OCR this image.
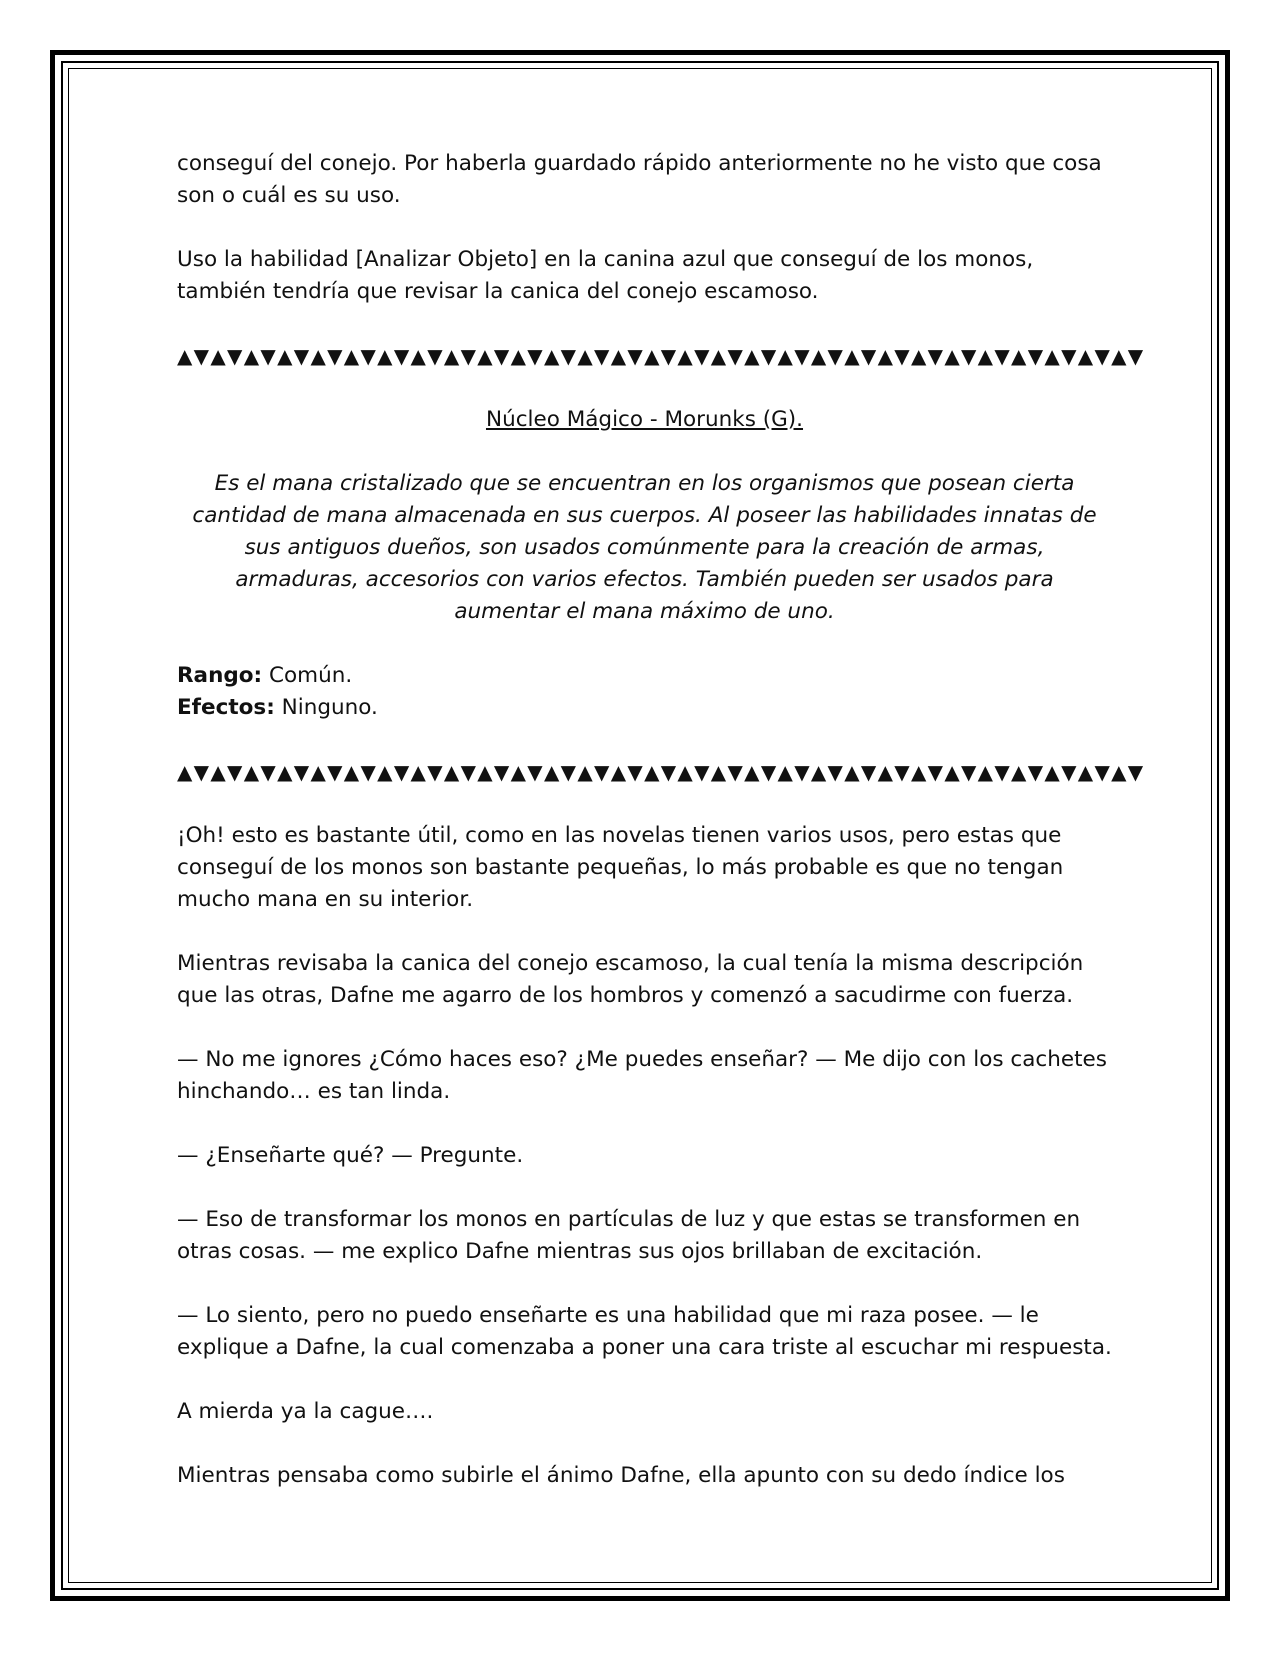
conseguí del conejo. Por haberla guardado rápido anteriormente no he visto que cosa son o cuál es su uso.

Uso la habilidad [Analizar Objeto] en la canina azul que conseguí de los monos, también tendría que revisar la canica del conejo escamoso.

▲▼▲▼▲▼▲▼▲▼▲▼▲▼▲▼▲▼▲▼▲▼▲▼▲▼▲▼▲▼▲▼▲▼▲▼▲▼▲▼▲▼▲▼▲▼▲▼▲▼▲▼▲▼▲▼▲▼
Núcleo Mágico - Morunks (G).
Es el mana cristalizado que se encuentran en los organismos que posean cierta cantidad de mana almacenada en sus cuerpos. Al poseer las habilidades innatas de sus antiguos dueños, son usados comúnmente para la creación de armas, armaduras, accesorios con varios efectos. También pueden ser usados para aumentar el mana máximo de uno.
Rango: Común.
Efectos: Ninguno.
▲▼▲▼▲▼▲▼▲▼▲▼▲▼▲▼▲▼▲▼▲▼▲▼▲▼▲▼▲▼▲▼▲▼▲▼▲▼▲▼▲▼▲▼▲▼▲▼▲▼▲▼▲▼▲▼▲▼

¡Oh! esto es bastante útil, como en las novelas tienen varios usos, pero estas que conseguí de los monos son bastante pequeñas, lo más probable es que no tengan mucho mana en su interior.

Mientras revisaba la canica del conejo escamoso, la cual tenía la misma descripción que las otras, Dafne me agarro de los hombros y comenzó a sacudirme con fuerza.

— No me ignores ¿Cómo haces eso? ¿Me puedes enseñar? — Me dijo con los cachetes hinchando… es tan linda.

— ¿Enseñarte qué? — Pregunte.

— Eso de transformar los monos en partículas de luz y que estas se transformen en otras cosas. — me explico Dafne mientras sus ojos brillaban de excitación.

— Lo siento, pero no puedo enseñarte es una habilidad que mi raza posee. — le explique a Dafne, la cual comenzaba a poner una cara triste al escuchar mi respuesta.

A mierda ya la cague….

Mientras pensaba como subirle el ánimo Dafne, ella apunto con su dedo índice los
